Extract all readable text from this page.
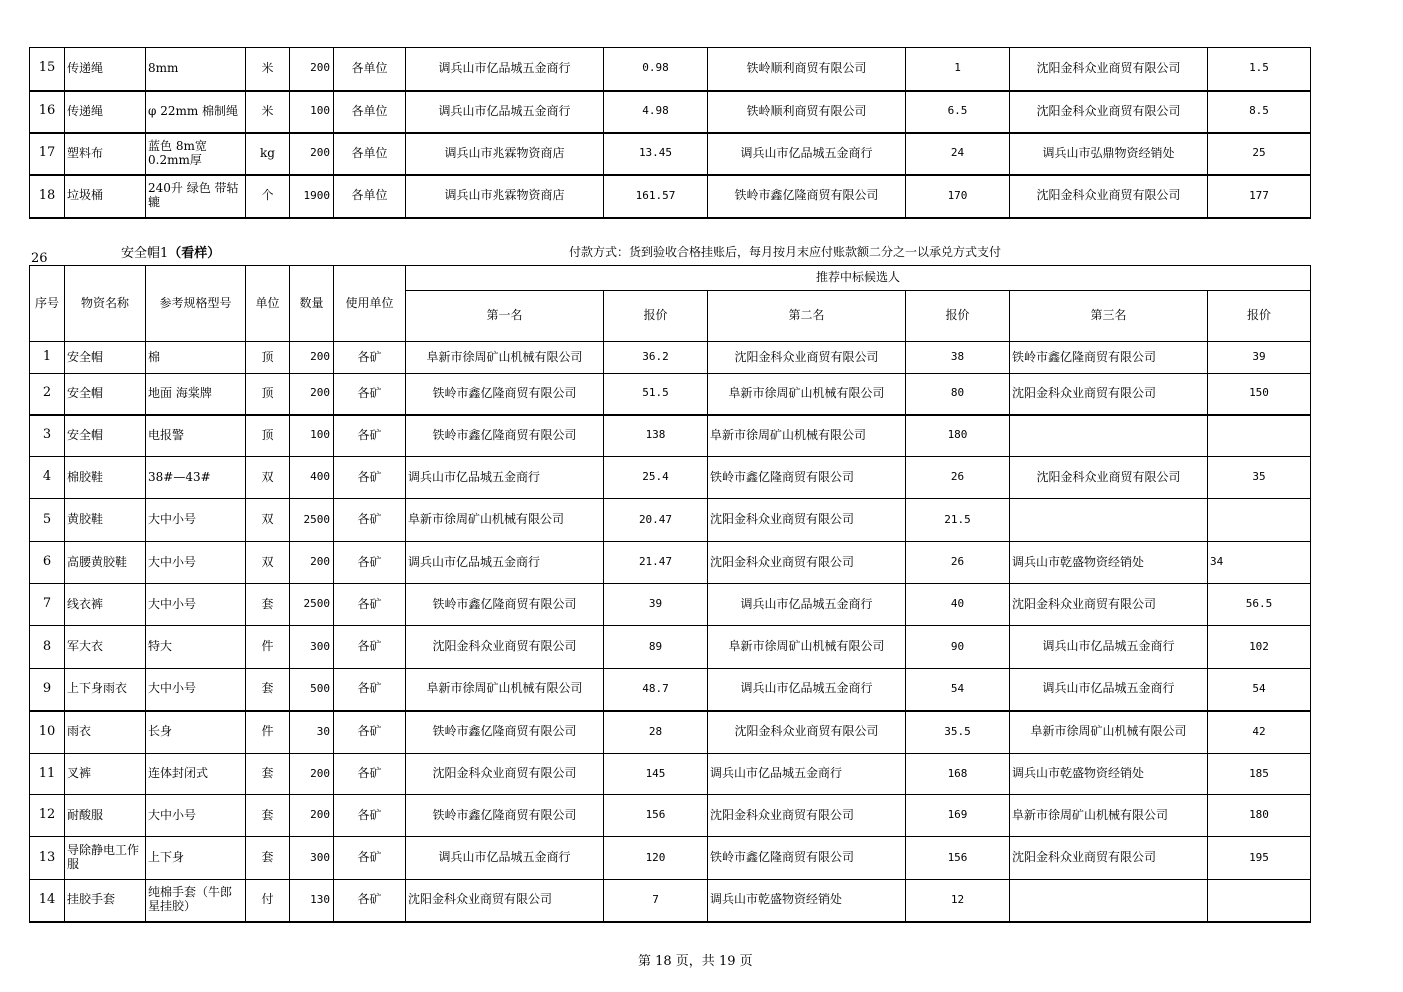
15	传递绳	8mm	米	200	各单位	调兵山市亿品城五金商行	0.98	铁岭顺利商贸有限公司	1	沈阳金科众业商贸有限公司	1.5
16	传递绳	φ 22mm 棉制绳	米	100	各单位	调兵山市亿品城五金商行	4.98	铁岭顺利商贸有限公司	6.5	沈阳金科众业商贸有限公司	8.5
17	塑料布	蓝色 8m宽 0.2mm厚	kg	200	各单位	调兵山市兆霖物资商店	13.45	调兵山市亿品城五金商行	24	调兵山市弘鼎物资经销处	25
18	垃圾桶	240升 绿色 带轱辘	个	1900	各单位	调兵山市兆霖物资商店	161.57	铁岭市鑫亿隆商贸有限公司	170	沈阳金科众业商贸有限公司	177
26	安全帽1（看样）	付款方式：货到验收合格挂账后，每月按月末应付账款额二分之一以承兑方式支付
序号	物资名称	参考规格型号	单位	数量	使用单位	推荐中标候选人					
						第一名	报价	第二名	报价	第三名	报价
1	安全帽	棉	顶	200	各矿	阜新市徐周矿山机械有限公司	36.2	沈阳金科众业商贸有限公司	38	铁岭市鑫亿隆商贸有限公司	39
2	安全帽	地面 海棠牌	顶	200	各矿	铁岭市鑫亿隆商贸有限公司	51.5	阜新市徐周矿山机械有限公司	80	沈阳金科众业商贸有限公司	150
3	安全帽	电报警	顶	100	各矿	铁岭市鑫亿隆商贸有限公司	138	阜新市徐周矿山机械有限公司	180		
4	棉胶鞋	38#—43#	双	400	各矿	调兵山市亿品城五金商行	25.4	铁岭市鑫亿隆商贸有限公司	26	沈阳金科众业商贸有限公司	35
5	黄胶鞋	大中小号	双	2500	各矿	阜新市徐周矿山机械有限公司	20.47	沈阳金科众业商贸有限公司	21.5		
6	高腰黄胶鞋	大中小号	双	200	各矿	调兵山市亿品城五金商行	21.47	沈阳金科众业商贸有限公司	26	调兵山市乾盛物资经销处	34
7	线衣裤	大中小号	套	2500	各矿	铁岭市鑫亿隆商贸有限公司	39	调兵山市亿品城五金商行	40	沈阳金科众业商贸有限公司	56.5
8	军大衣	特大	件	300	各矿	沈阳金科众业商贸有限公司	89	阜新市徐周矿山机械有限公司	90	调兵山市亿品城五金商行	102
9	上下身雨衣	大中小号	套	500	各矿	阜新市徐周矿山机械有限公司	48.7	调兵山市亿品城五金商行	54	调兵山市亿品城五金商行	54
10	雨衣	长身	件	30	各矿	铁岭市鑫亿隆商贸有限公司	28	沈阳金科众业商贸有限公司	35.5	阜新市徐周矿山机械有限公司	42
11	叉裤	连体封闭式	套	200	各矿	沈阳金科众业商贸有限公司	145	调兵山市亿品城五金商行	168	调兵山市乾盛物资经销处	185
12	耐酸服	大中小号	套	200	各矿	铁岭市鑫亿隆商贸有限公司	156	沈阳金科众业商贸有限公司	169	阜新市徐周矿山机械有限公司	180
13	导除静电工作服	上下身	套	300	各矿	调兵山市亿品城五金商行	120	铁岭市鑫亿隆商贸有限公司	156	沈阳金科众业商贸有限公司	195
14	挂胶手套	纯棉手套（牛郎星挂胶）	付	130	各矿	沈阳金科众业商贸有限公司	7	调兵山市乾盛物资经销处	12		
第 18 页，共 19 页
